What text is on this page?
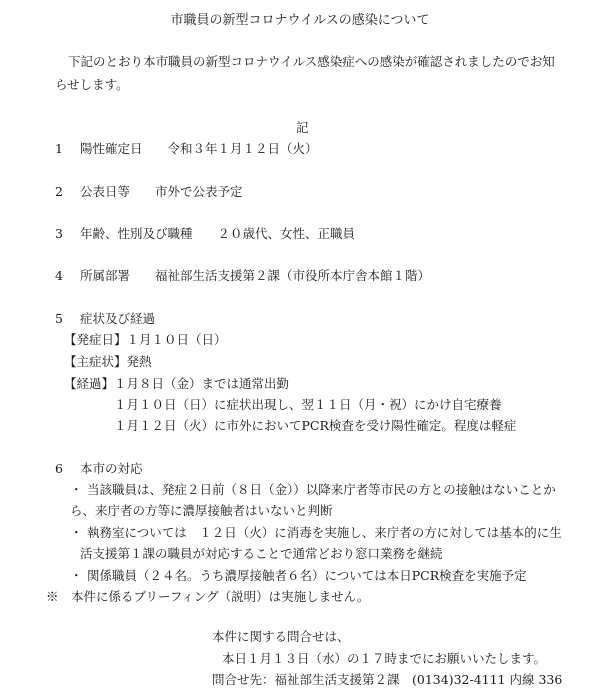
市職員の新型コロナウイルスの感染について
下記のとおり本市職員の新型コロナウイルス感染症への感染が確認されましたのでお知
らせします。
記
1 陽性確定日　　令和３年１月１２日（火）
2 公表日等　　市外で公表予定
3 年齢、性別及び職種　　２０歳代、女性、正職員
4 所属部署　　福祉部生活支援第２課（市役所本庁舎本館１階）
5 症状及び経過
【発症日】１月１０日（日）
【主症状】発熱
【経過】１月８日（金）までは通常出勤
１月１０日（日）に症状出現し、翌１１日（月・祝）にかけ自宅療養
１月１２日（火）に市外においてPCR検査を受け陽性確定。程度は軽症
6 本市の対応
・ 当該職員は、発症２日前（８日（金））以降来庁者等市民の方との接触はないことか
ら、来庁者の方等に濃厚接触者はいないと判断
・ 執務室については　１２日（火）に消毒を実施し、来庁者の方に対しては基本的に生
活支援第１課の職員が対応することで通常どおり窓口業務を継続
・ 関係職員（２４名。うち濃厚接触者６名）については本日PCR検査を実施予定
※　本件に係るブリーフィング（説明）は実施しません。
本件に関する問合せは、
本日１月１３日（水）の１７時までにお願いいたします。
問合せ先：福祉部生活支援第２課　(0134)32-4111 内線 336
